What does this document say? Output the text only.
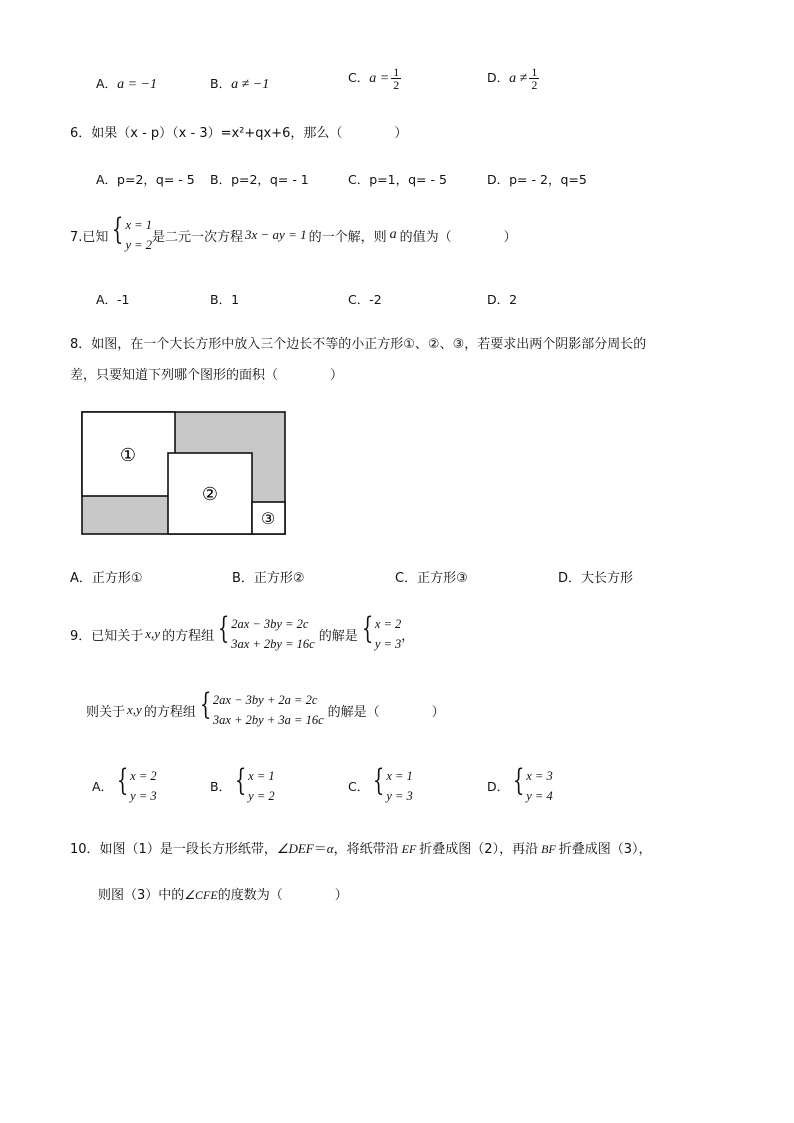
A．a = −1	B．a ≠ −1	C．$a = \frac{1}{2}$	D．$a \ne \frac{1}{2}$
6．如果（x - p）（x - 3）=x²+qx+6，那么（　　　　）
A．p=2，q= - 5 B．p=2，q= - 1	C．p=1，q= - 5	D．p= - 2，q=5
7.已知 { x = 1
y = 2
是二元一次方程 3x − ay = 1 的一个解，则 a 的值为（　　　　）
A．-1	B．1	C．-2	D．2
8．如图，在一个大长方形中放入三个边长不等的小正方形①、②、③，若要求出两个阴影部分周长的
差，只要知道下列哪个图形的面积（　　　　）
①
②
③
A．正方形①	B．正方形②	C．正方形③	D．大长方形
9．已知关于 x,y 的方程组 { 2ax − 3by = 2c
3ax + 2by = 16c
的解是 { x = 2
y = 3
，
则关于 x,y 的方程组 { 2ax − 3by + 2a = 2c
3ax + 2by + 3a = 16c
的解是（　　　　）
A． { x = 2
y = 3
B． { x = 1
y = 2
C． { x = 1
y = 3
D． { x = 3
y = 4
10．如图（1）是一段长方形纸带， ∠DEF ＝ α ，将纸带沿 EF 折叠成图（2），再沿 BF 折叠成图（3），
则图（3）中的 ∠CFE 的度数为（　　　　）
